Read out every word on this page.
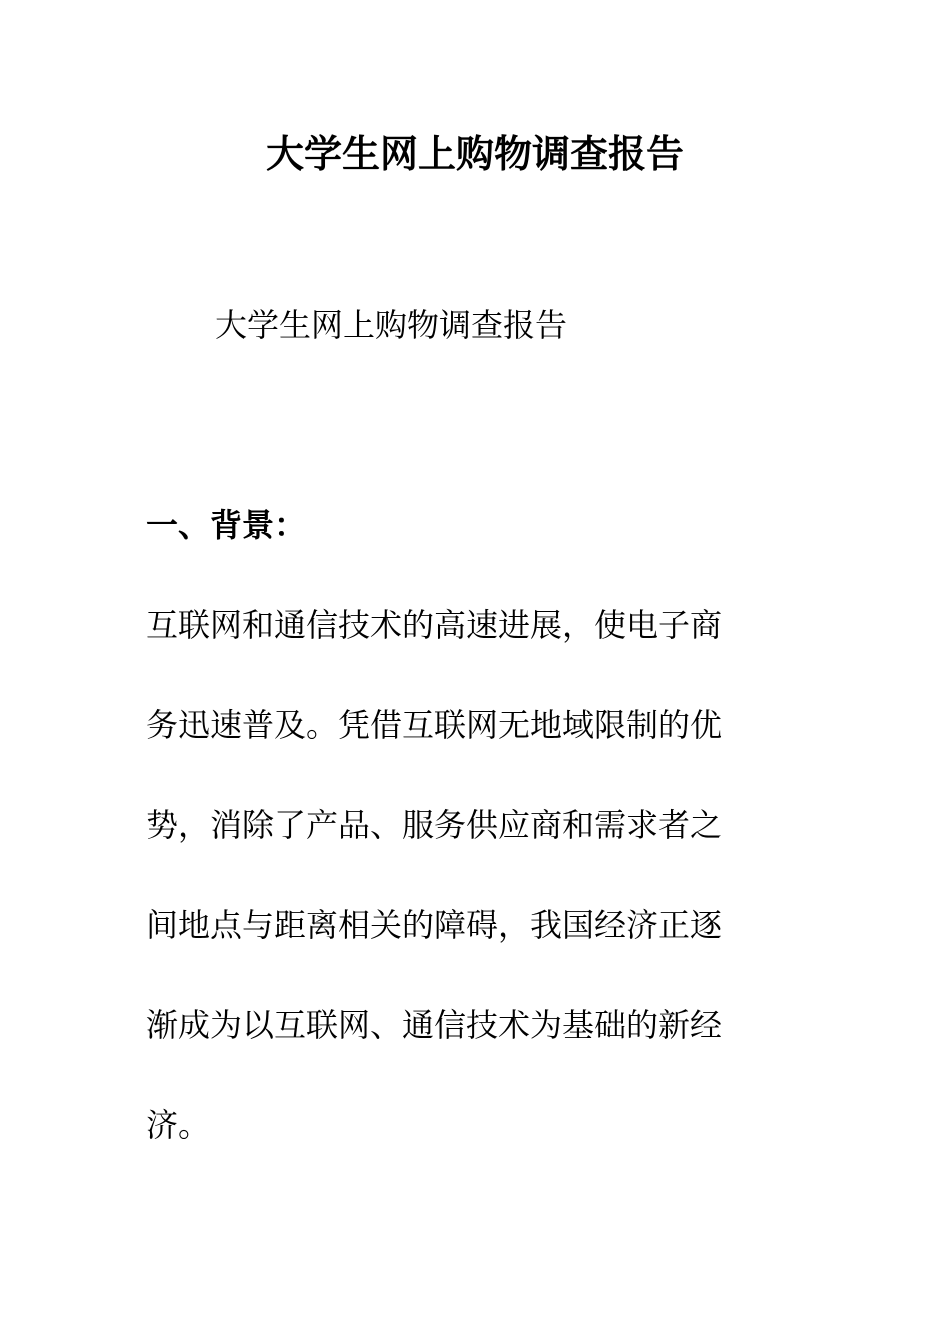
大学生网上购物调查报告

大学生网上购物调查报告

一、背景：
互联网和通信技术的高速进展，使电子商
务迅速普及。凭借互联网无地域限制的优
势，消除了产品、服务供应商和需求者之
间地点与距离相关的障碍，我国经济正逐
渐成为以互联网、通信技术为基础的新经
济。
